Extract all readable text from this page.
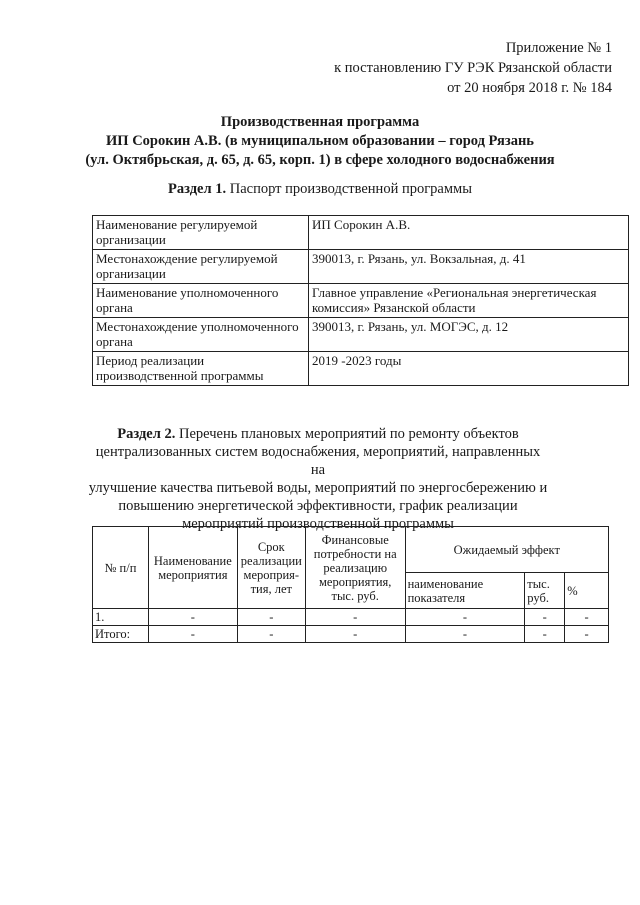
Приложение № 1
к постановлению ГУ РЭК Рязанской области
от 20 ноября 2018 г. № 184
Производственная программа
ИП Сорокин А.В. (в муниципальном образовании – город Рязань
(ул. Октябрьская, д. 65, д. 65, корп. 1) в сфере холодного водоснабжения
Раздел 1. Паспорт производственной программы
Наименование регулируемой организации	ИП Сорокин А.В.
Местонахождение регулируемой организации	390013, г. Рязань, ул. Вокзальная, д. 41
Наименование уполномоченного органа	Главное управление «Региональная энергетическая комиссия» Рязанской области
Местонахождение уполномоченного органа	390013, г. Рязань, ул. МОГЭС, д. 12
Период реализации производственной программы	2019 -2023 годы
Раздел 2. Перечень плановых мероприятий по ремонту объектов
централизованных систем водоснабжения, мероприятий, направленных на
улучшение качества питьевой воды, мероприятий по энергосбережению и
повышению энергетической эффективности, график реализации
мероприятий производственной программы
№ п/п	Наименование мероприятия	Срок реализации мероприя-тия, лет	Финансовые потребности на реализацию мероприятия, тыс. руб.	Ожидаемый эффект		
				наименование показателя	тыс. руб.	%
1.	-	-	-	-	-	-
Итого:	-	-	-	-	-	-
